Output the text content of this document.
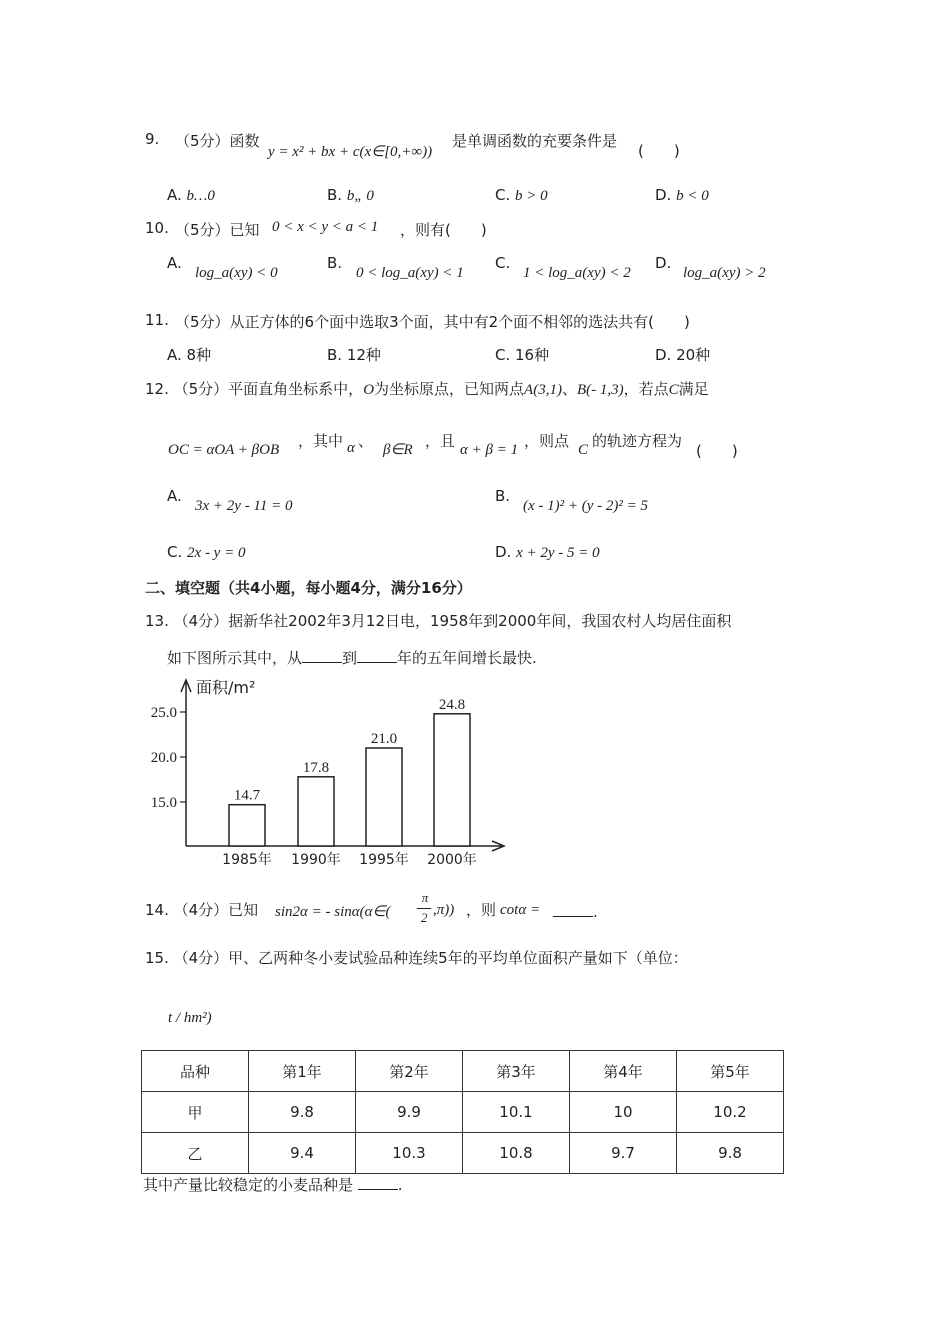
9. （5分）函数
y = x² + bx + c(x∈[0,+∞))
是单调函数的充要条件是
(　　)
A. b…0	B. b„ 0	C. b > 0	D. b < 0
10. （5分）已知 0 < x < y < a < 1 ，则有(　　)
A.
log_a(xy) < 0
B.
0 < log_a(xy) < 1
C.
1 < log_a(xy) < 2
D.
log_a(xy) > 2
11. （5分）从正方体的6个面中选取3个面，其中有2个面不相邻的选法共有(　　)
A. 8种	B. 12种	C. 16种	D. 20种
12. （5分）平面直角坐标系中，O为坐标原点，已知两点A(3,1)、B(- 1,3)，若点C满足
OC = αOA + βOB ，其中 α 、 β∈R ，且 α + β = 1 ，则点 C 的轨迹方程为
(　　)
A.
3x + 2y - 11 = 0
B.
(x - 1)² + (y - 2)² = 5
C. 2x - y = 0	D. x + 2y - 5 = 0
二、填空题（共4小题，每小题4分，满分16分）
13. （4分）据新华社2002年3月12日电，1958年到2000年间，我国农村人均居住面积
如下图所示其中，从	到	年的五年间增长最快.
面积/m²
15.0
20.0
25.0
14.7
1985年
17.8
1990年
21.0
1995年
24.8
2000年
14. （4分）已知 sin2α = - sinα(α∈(
π
2 ,π)) ，则 cotα =	.
15. （4分）甲、乙两种冬小麦试验品种连续5年的平均单位面积产量如下（单位：
t / hm²)
品种	第1年	第2年	第3年	第4年	第5年
甲	9.8	9.9	10.1	10	10.2
乙	9.4	10.3	10.8	9.7	9.8
其中产量比较稳定的小麦品种是	.
